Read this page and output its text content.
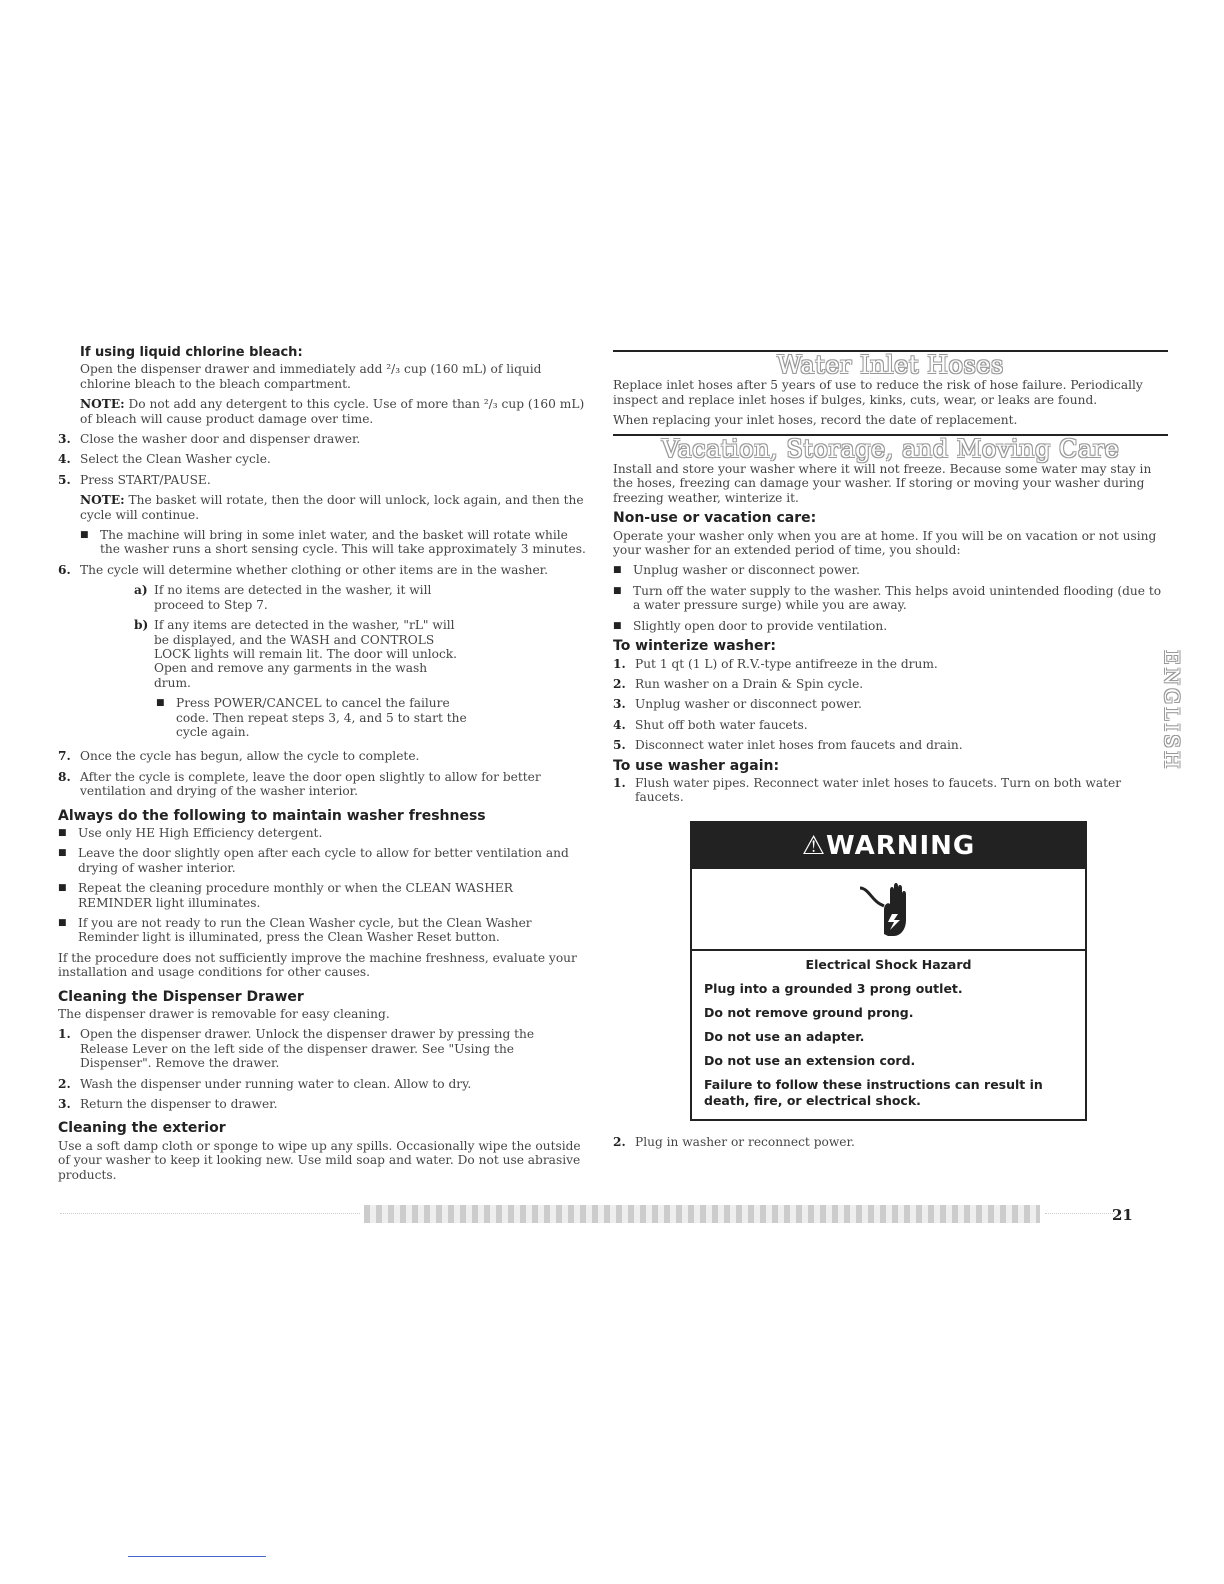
If using liquid chlorine bleach:

Open the dispenser drawer and immediately add ²/₃ cup (160 mL) of liquid chlorine bleach to the bleach compartment.

NOTE: Do not add any detergent to this cycle. Use of more than ²/₃ cup (160 mL) of bleach will cause product damage over time.

3. Close the washer door and dispenser drawer.
4. Select the Clean Washer cycle.
5. Press START/PAUSE.

NOTE: The basket will rotate, then the door will unlock, lock again, and then the cycle will continue.

■ The machine will bring in some inlet water, and the basket will rotate while the washer runs a short sensing cycle. This will take approximately 3 minutes.
6. The cycle will determine whether clothing or other items are in the washer.
a) If no items are detected in the washer, it will proceed to Step 7.
b) If any items are detected in the washer, "rL" will be displayed, and the WASH and CONTROLS LOCK lights will remain lit. The door will unlock. Open and remove any garments in the wash drum.
■ Press POWER/CANCEL to cancel the failure code. Then repeat steps 3, 4, and 5 to start the cycle again.
7. Once the cycle has begun, allow the cycle to complete.
8. After the cycle is complete, leave the door open slightly to allow for better ventilation and drying of the washer interior.
Always do the following to maintain washer freshness
■ Use only HE High Efficiency detergent.
■ Leave the door slightly open after each cycle to allow for better ventilation and drying of washer interior.
■ Repeat the cleaning procedure monthly or when the CLEAN WASHER REMINDER light illuminates.
■ If you are not ready to run the Clean Washer cycle, but the Clean Washer Reminder light is illuminated, press the Clean Washer Reset button.

If the procedure does not sufficiently improve the machine freshness, evaluate your installation and usage conditions for other causes.

Cleaning the Dispenser Drawer

The dispenser drawer is removable for easy cleaning.

1. Open the dispenser drawer. Unlock the dispenser drawer by pressing the Release Lever on the left side of the dispenser drawer. See "Using the Dispenser". Remove the drawer.
2. Wash the dispenser under running water to clean. Allow to dry.
3. Return the dispenser to drawer.
Cleaning the exterior

Use a soft damp cloth or sponge to wipe up any spills. Occasionally wipe the outside of your washer to keep it looking new. Use mild soap and water. Do not use abrasive products.

Water Inlet Hoses

Replace inlet hoses after 5 years of use to reduce the risk of hose failure. Periodically inspect and replace inlet hoses if bulges, kinks, cuts, wear, or leaks are found.

When replacing your inlet hoses, record the date of replacement.

Vacation, Storage, and Moving Care

Install and store your washer where it will not freeze. Because some water may stay in the hoses, freezing can damage your washer. If storing or moving your washer during freezing weather, winterize it.

Non-use or vacation care:

Operate your washer only when you are at home. If you will be on vacation or not using your washer for an extended period of time, you should:

■ Unplug washer or disconnect power.
■ Turn off the water supply to the washer. This helps avoid unintended flooding (due to a water pressure surge) while you are away.
■ Slightly open door to provide ventilation.
To winterize washer:
1. Put 1 qt (1 L) of R.V.-type antifreeze in the drum.
2. Run washer on a Drain & Spin cycle.
3. Unplug washer or disconnect power.
4. Shut off both water faucets.
5. Disconnect water inlet hoses from faucets and drain.
To use washer again:
1. Flush water pipes. Reconnect water inlet hoses to faucets. Turn on both water faucets.
⚠WARNING
Electrical Shock Hazard

Plug into a grounded 3 prong outlet.

Do not remove ground prong.

Do not use an adapter.

Do not use an extension cord.

Failure to follow these instructions can result in death, fire, or electrical shock.

2. Plug in washer or reconnect power.
ENGLISH
21
